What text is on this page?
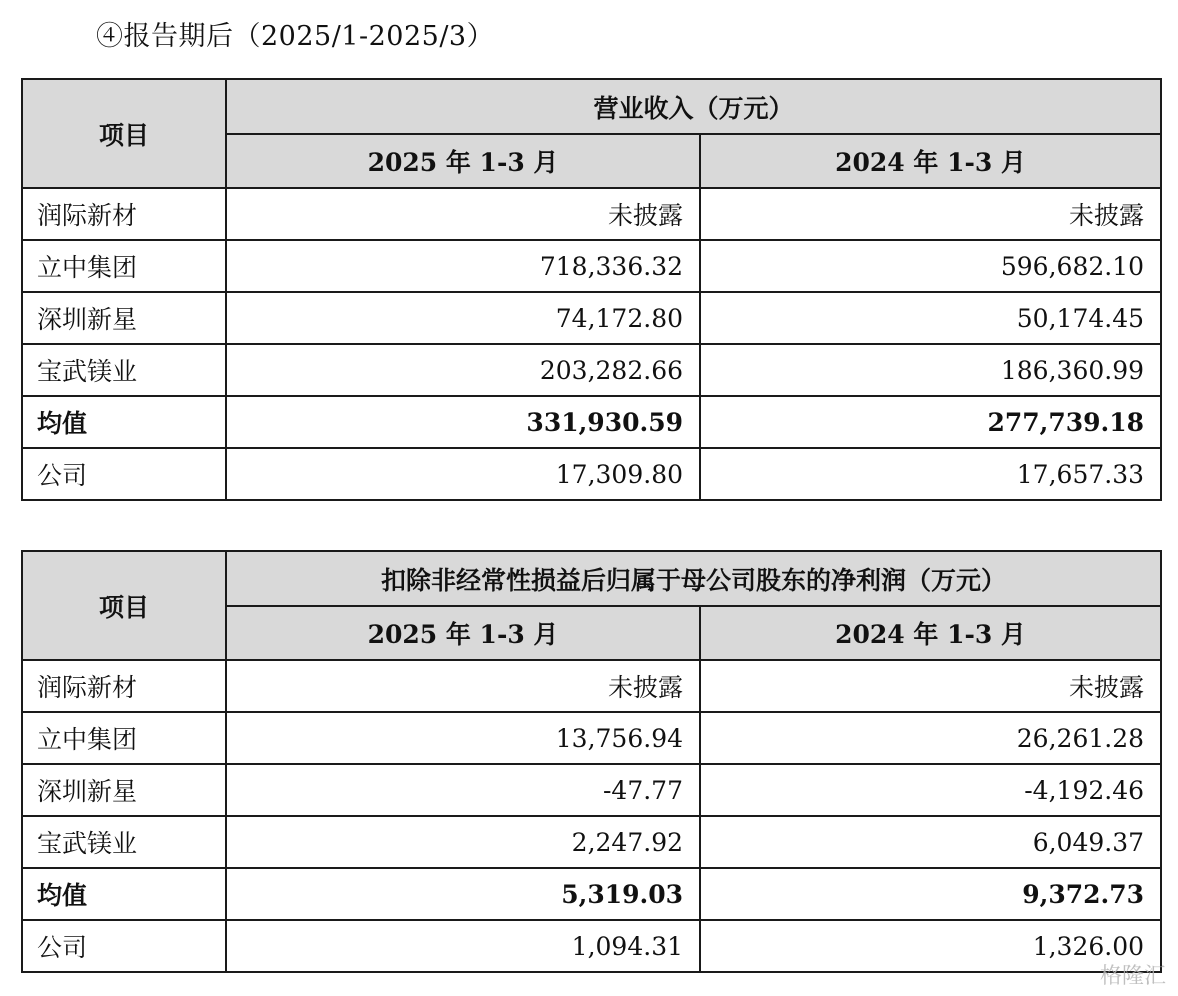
④报告期后（2025/1-2025/3）
项目	营业收入（万元）	
	2025 年 1-3 月	2024 年 1-3 月
润际新材	未披露	未披露
立中集团	718,336.32	596,682.10
深圳新星	74,172.80	50,174.45
宝武镁业	203,282.66	186,360.99
均值	331,930.59	277,739.18
公司	17,309.80	17,657.33
项目	扣除非经常性损益后归属于母公司股东的净利润（万元）	
	2025 年 1-3 月	2024 年 1-3 月
润际新材	未披露	未披露
立中集团	13,756.94	26,261.28
深圳新星	-47.77	-4,192.46
宝武镁业	2,247.92	6,049.37
均值	5,319.03	9,372.73
公司	1,094.31	1,326.00
格隆汇
